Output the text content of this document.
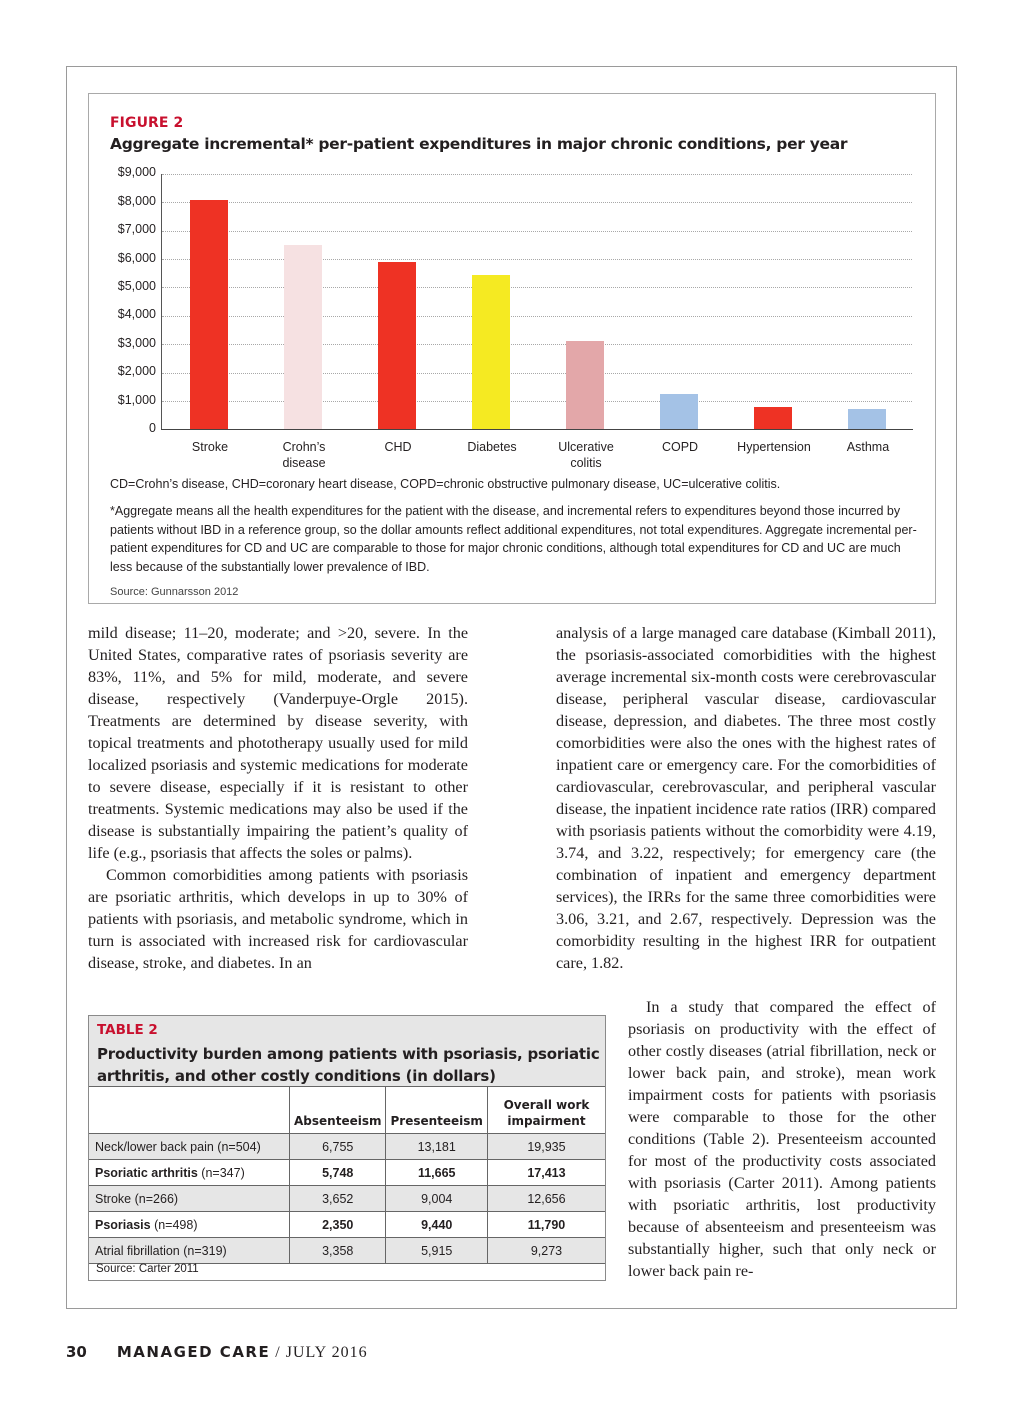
FIGURE 2
Aggregate incremental* per-patient expenditures in major chronic conditions, per year
$9,000
$8,000
$7,000
$6,000
$5,000
$4,000
$3,000
$2,000
$1,000
0
Stroke	Crohn’s
disease
CHD	Diabetes	Ulcerative
colitis
COPD	Hypertension	Asthma

CD=Crohn’s disease, CHD=coronary heart disease, COPD=chronic obstructive pulmonary disease, UC=ulcerative colitis.
*Aggregate means all the health expenditures for the patient with the disease, and incremental refers to expenditures beyond those incurred by patients without IBD in a reference group, so the dollar amounts reflect additional expenditures, not total expenditures. Aggregate incremental per-patient expenditures for CD and UC are comparable to those for major chronic conditions, although total expenditures for CD and UC are much less because of the substantially lower prevalence of IBD.
Source: Gunnarsson 2012

mild disease; 11–20, moderate; and >20, severe. In the United States, comparative rates of psoriasis severity are 83%, 11%, and 5% for mild, moderate, and severe disease, respectively (Vanderpuye-Orgle 2015). Treatments are determined by disease severity, with topical treatments and phototherapy usually used for mild localized psoriasis and systemic medications for moderate to severe disease, especially if it is resistant to other treatments. Systemic medications may also be used if the disease is substantially impairing the patient’s quality of life (e.g., psoriasis that affects the soles or palms).

Common comorbidities among patients with psoriasis are psoriatic arthritis, which develops in up to 30% of patients with psoriasis, and metabolic syndrome, which in turn is associated with increased risk for cardiovascular disease, stroke, and diabetes. In an

analysis of a large managed care database (Kimball 2011), the psoriasis-associated comorbidities with the highest average incremental six-month costs were cerebrovascular disease, peripheral vascular disease, cardiovascular disease, depression, and diabetes. The three most costly comorbidities were also the ones with the highest rates of inpatient care or emergency care. For the comorbidities of cardiovascular, cerebrovascular, and peripheral vascular disease, the inpatient incidence rate ratios (IRR) compared with psoriasis patients without the comorbidity were 4.19, 3.74, and 3.22, respectively; for emergency care (the combination of inpatient and emergency department services), the IRRs for the same three comorbidities were 3.06, 3.21, and 2.67, respectively. Depression was the comorbidity resulting in the highest IRR for outpatient care, 1.82.

In a study that compared the effect of psoriasis on productivity with the effect of other costly diseases (atrial fibrillation, neck or lower back pain, and stroke), mean work impairment costs for patients with psoriasis were comparable to those for the other conditions (Table 2). Presenteeism accounted for most of the productivity costs associated with psoriasis (Carter 2011). Among patients with psoriatic arthritis, lost productivity because of absenteeism and presenteeism was substantially higher, such that only neck or lower back pain re-

TABLE 2
Productivity burden among patients with psoriasis, psoriatic arthritis, and other costly conditions (in dollars)
	Absenteeism	Presenteeism	Overall work impairment
Neck/lower back pain (n=504)	6,755	13,181	19,935
Psoriatic arthritis (n=347)	5,748	11,665	17,413
Stroke (n=266)	3,652	9,004	12,656
Psoriasis (n=498)	2,350	9,440	11,790
Atrial fibrillation (n=319)	3,358	5,915	9,273
Source: Carter 2011
30 MANAGED CARE / JULY 2016
